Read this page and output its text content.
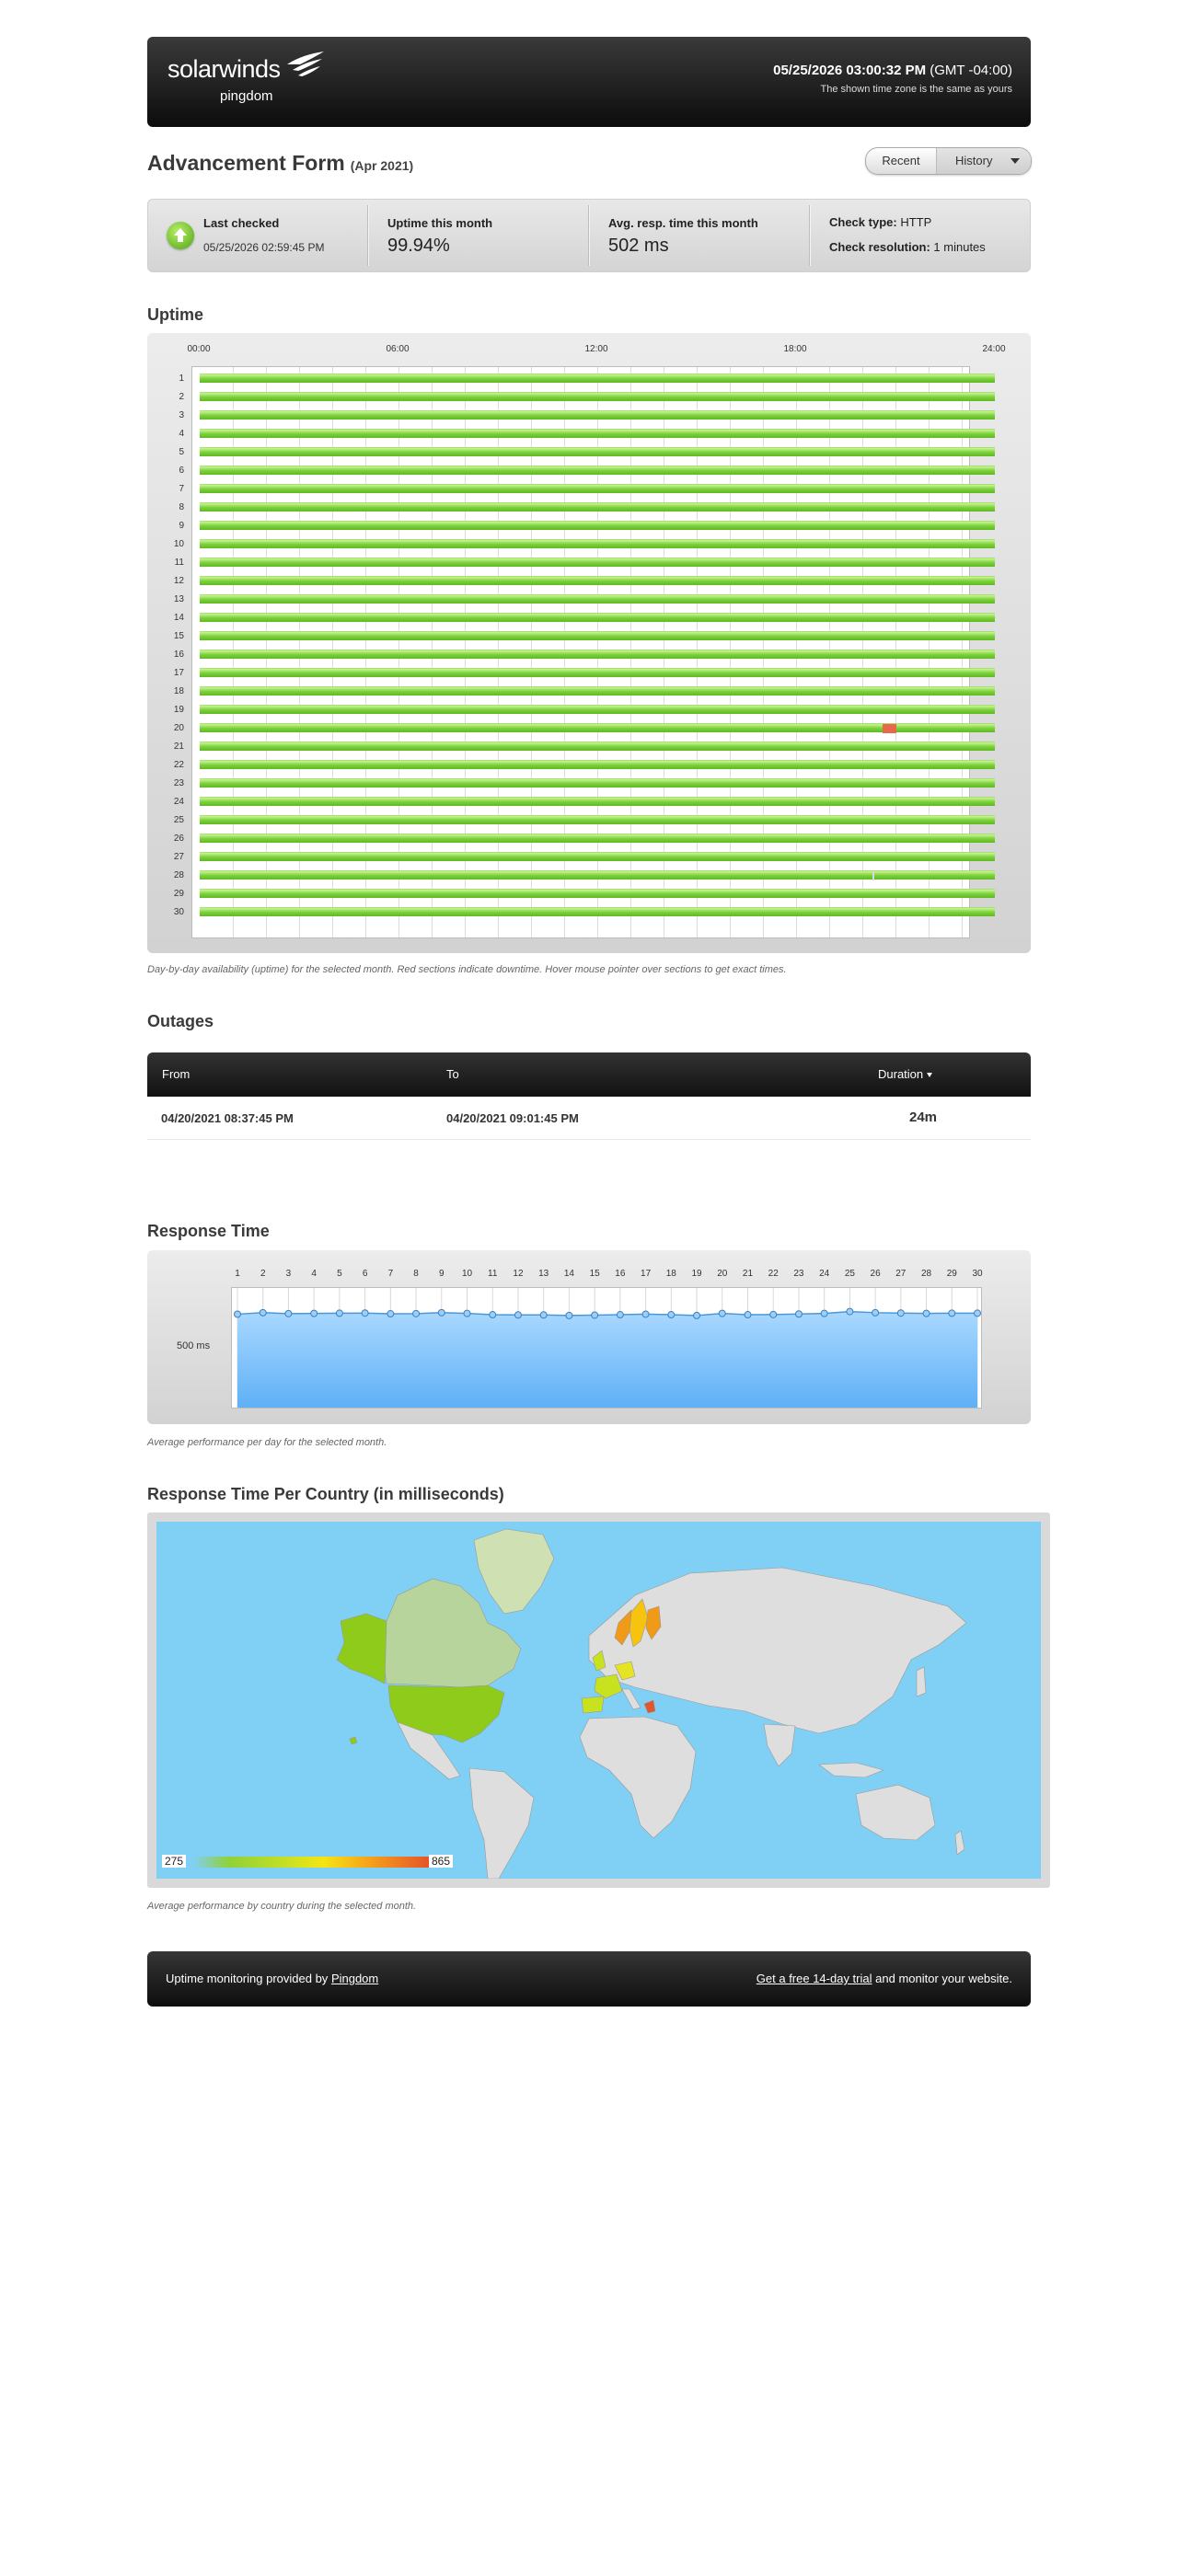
solarwinds
pingdom
05/25/2026 03:00:32 PM (GMT -04:00)
The shown time zone is the same as yours
Advancement Form (Apr 2021)	Recent	History
Last checked
05/25/2026 02:59:45 PM
Uptime this month
99.94%
Avg. resp. time this month
502 ms
Check type: HTTP
Check resolution: 1 minutes
Uptime
00:00	06:00	12:00	18:00	24:00
1
2
3
4
5
6
7
8
9
10
11
12
13
14
15
16
17
18
19
20
21
22
23
24
25
26
27
28
29
30
Day-by-day availability (uptime) for the selected month. Red sections indicate downtime. Hover mouse pointer over sections to get exact times.
Outages
From	To	Duration
04/20/2021 08:37:45 PM	04/20/2021 09:01:45 PM	24m
Response Time
500 ms
1 2 3 4 5 6 7 8 9 10 11 12 13 14 15 16 17 18 19 20 21 22 23 24 25 26 27 28 29 30
Average performance per day for the selected month.
Response Time Per Country (in milliseconds)
275	865
Average performance by country during the selected month.
Uptime monitoring provided by Pingdom	Get a free 14-day trial and monitor your website.
